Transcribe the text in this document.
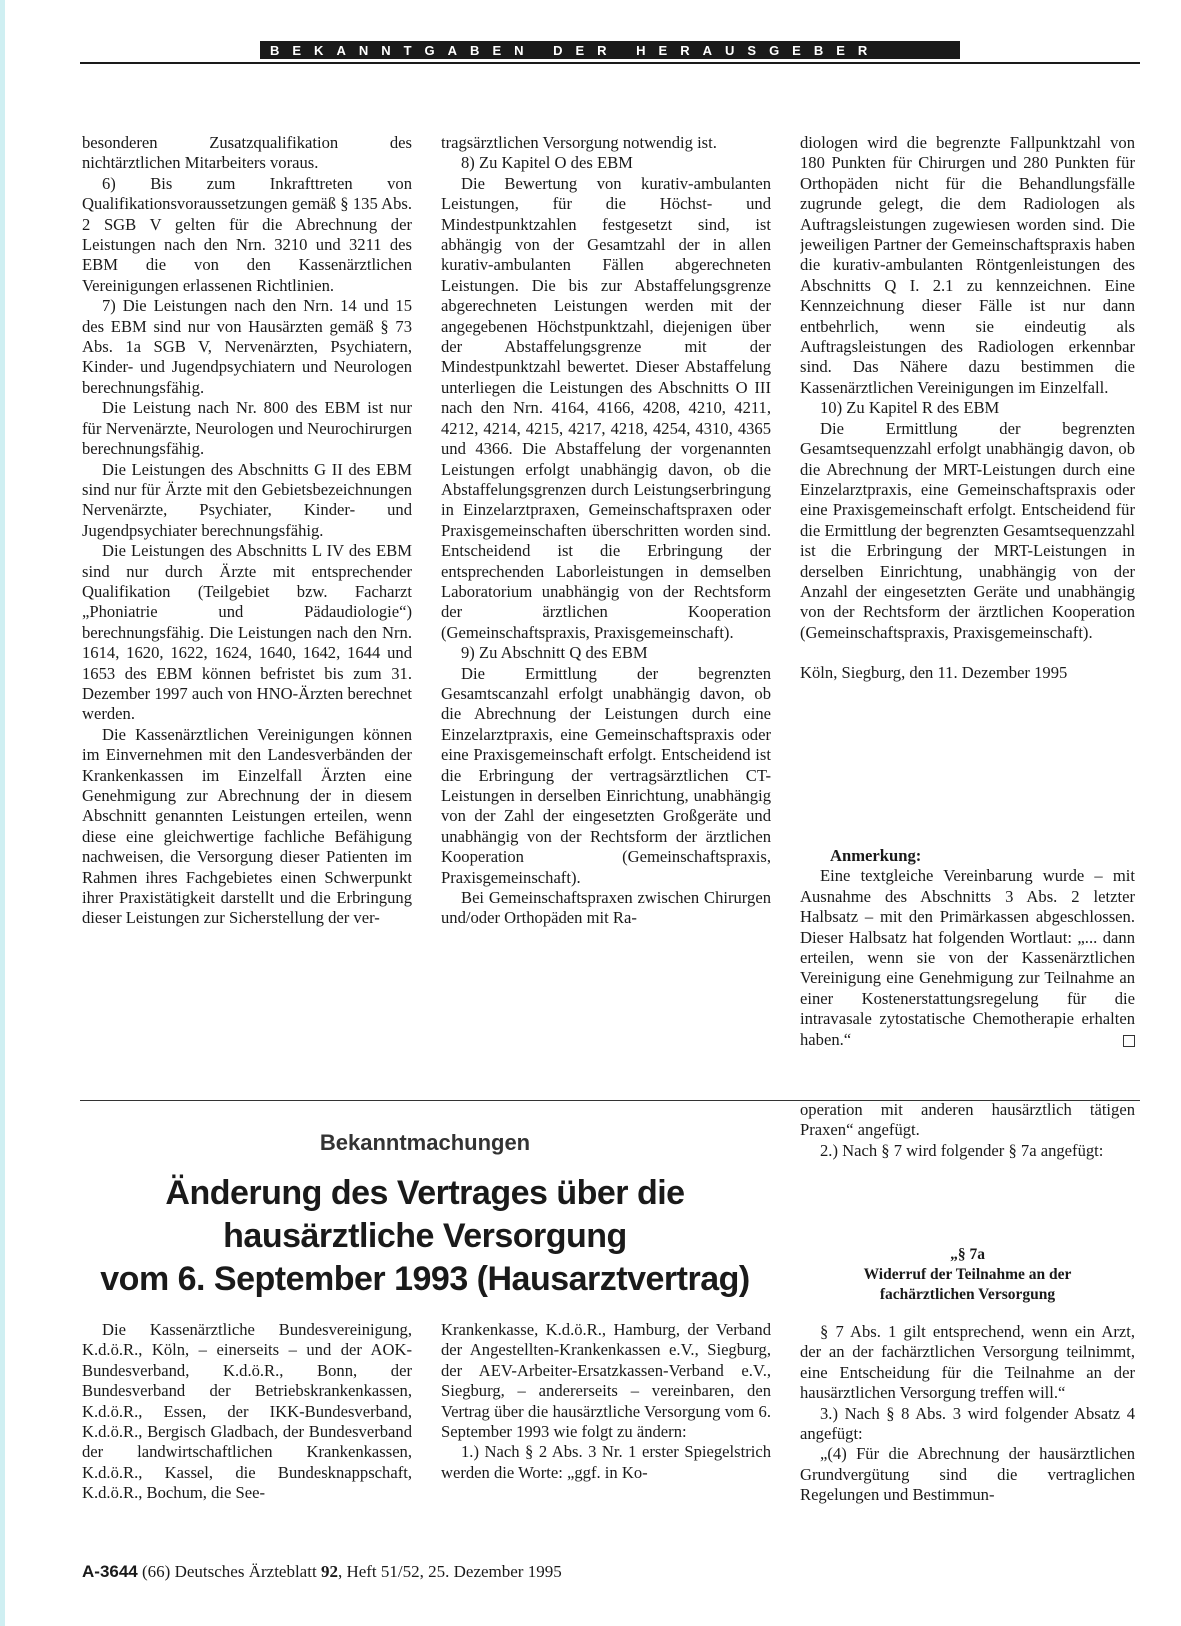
BEKANNTGABEN DER HERAUSGEBER

besonderen Zusatzqualifikation des nichtärztlichen Mitarbeiters voraus.

6) Bis zum Inkrafttreten von Qualifikationsvoraussetzungen gemäß § 135 Abs. 2 SGB V gelten für die Abrechnung der Leistungen nach den Nrn. 3210 und 3211 des EBM die von den Kassenärztlichen Vereinigungen erlassenen Richtlinien.

7) Die Leistungen nach den Nrn. 14 und 15 des EBM sind nur von Hausärzten gemäß § 73 Abs. 1a SGB V, Nervenärzten, Psychiatern, Kinder- und Jugendpsychiatern und Neurologen berechnungsfähig.

Die Leistung nach Nr. 800 des EBM ist nur für Nervenärzte, Neurologen und Neurochirurgen berechnungsfähig.

Die Leistungen des Abschnitts G II des EBM sind nur für Ärzte mit den Gebietsbezeichnungen Nervenärzte, Psychiater, Kinder- und Jugendpsychiater berechnungsfähig.

Die Leistungen des Abschnitts L IV des EBM sind nur durch Ärzte mit entsprechender Qualifikation (Teilgebiet bzw. Facharzt „Phoniatrie und Pädaudiologie“) berechnungsfähig. Die Leistungen nach den Nrn. 1614, 1620, 1622, 1624, 1640, 1642, 1644 und 1653 des EBM können befristet bis zum 31. Dezember 1997 auch von HNO-Ärzten berechnet werden.

Die Kassenärztlichen Vereinigungen können im Einvernehmen mit den Landesverbänden der Krankenkassen im Einzelfall Ärzten eine Genehmigung zur Abrechnung der in diesem Abschnitt genannten Leistungen erteilen, wenn diese eine gleichwertige fachliche Befähigung nachweisen, die Versorgung dieser Patienten im Rahmen ihres Fachgebietes einen Schwerpunkt ihrer Praxistätigkeit darstellt und die Erbringung dieser Leistungen zur Sicherstellung der ver-

tragsärztlichen Versorgung notwendig ist.

8) Zu Kapitel O des EBM

Die Bewertung von kurativ-ambulanten Leistungen, für die Höchst- und Mindestpunktzahlen festgesetzt sind, ist abhängig von der Gesamtzahl der in allen kurativ-ambulanten Fällen abgerechneten Leistungen. Die bis zur Abstaffelungsgrenze abgerechneten Leistungen werden mit der angegebenen Höchstpunktzahl, diejenigen über der Abstaffelungsgrenze mit der Mindestpunktzahl bewertet. Dieser Abstaffelung unterliegen die Leistungen des Abschnitts O III nach den Nrn. 4164, 4166, 4208, 4210, 4211, 4212, 4214, 4215, 4217, 4218, 4254, 4310, 4365 und 4366. Die Abstaffelung der vorgenannten Leistungen erfolgt unabhängig davon, ob die Abstaffelungsgrenzen durch Leistungserbringung in Einzelarztpraxen, Gemeinschaftspraxen oder Praxisgemeinschaften überschritten worden sind. Entscheidend ist die Erbringung der entsprechenden Laborleistungen in demselben Laboratorium unabhängig von der Rechtsform der ärztlichen Kooperation (Gemeinschaftspraxis, Praxisgemeinschaft).

9) Zu Abschnitt Q des EBM

Die Ermittlung der begrenzten Gesamtscanzahl erfolgt unabhängig davon, ob die Abrechnung der Leistungen durch eine Einzelarztpraxis, eine Gemeinschaftspraxis oder eine Praxisgemeinschaft erfolgt. Entscheidend ist die Erbringung der vertragsärztlichen CT-Leistungen in derselben Einrichtung, unabhängig von der Zahl der eingesetzten Großgeräte und unabhängig von der Rechtsform der ärztlichen Kooperation (Gemeinschaftspraxis, Praxisgemeinschaft).

Bei Gemeinschaftspraxen zwischen Chirurgen und/oder Orthopäden mit Ra-

diologen wird die begrenzte Fallpunktzahl von 180 Punkten für Chirurgen und 280 Punkten für Orthopäden nicht für die Behandlungsfälle zugrunde gelegt, die dem Radiologen als Auftragsleistungen zugewiesen worden sind. Die jeweiligen Partner der Gemeinschaftspraxis haben die kurativ-ambulanten Röntgenleistungen des Abschnitts Q I. 2.1 zu kennzeichnen. Eine Kennzeichnung dieser Fälle ist nur dann entbehrlich, wenn sie eindeutig als Auftragsleistungen des Radiologen erkennbar sind. Das Nähere dazu bestimmen die Kassenärztlichen Vereinigungen im Einzelfall.

10) Zu Kapitel R des EBM

Die Ermittlung der begrenzten Gesamtsequenzzahl erfolgt unabhängig davon, ob die Abrechnung der MRT-Leistungen durch eine Einzelarztpraxis, eine Gemeinschaftspraxis oder eine Praxisgemeinschaft erfolgt. Entscheidend für die Ermittlung der begrenzten Gesamtsequenzzahl ist die Erbringung der MRT-Leistungen in derselben Einrichtung, unabhängig von der Anzahl der eingesetzten Geräte und unabhängig von der Rechtsform der ärztlichen Kooperation (Gemeinschaftspraxis, Praxisgemeinschaft).

Köln, Siegburg, den 11. Dezember 1995

Anmerkung:

Eine textgleiche Vereinbarung wurde – mit Ausnahme des Abschnitts 3 Abs. 2 letzter Halbsatz – mit den Primärkassen abgeschlossen. Dieser Halbsatz hat folgenden Wortlaut: „... dann erteilen, wenn sie von der Kassenärztlichen Vereinigung eine Genehmigung zur Teilnahme an einer Kostenerstattungsregelung für die intravasale zytostatische Chemotherapie erhalten haben.“

Bekanntmachungen
Änderung des Vertrages über die
hausärztliche Versorgung
vom 6. September 1993 (Hausarztvertrag)

Die Kassenärztliche Bundesvereinigung, K.d.ö.R., Köln, – einerseits – und der AOK-Bundesverband, K.d.ö.R., Bonn, der Bundesverband der Betriebskrankenkassen, K.d.ö.R., Essen, der IKK-Bundesverband, K.d.ö.R., Bergisch Gladbach, der Bundesverband der landwirtschaftlichen Krankenkassen, K.d.ö.R., Kassel, die Bundesknappschaft, K.d.ö.R., Bochum, die See-

Krankenkasse, K.d.ö.R., Hamburg, der Verband der Angestellten-Krankenkassen e.V., Siegburg, der AEV-Arbeiter-Ersatzkassen-Verband e.V., Siegburg, – andererseits – vereinbaren, den Vertrag über die hausärztliche Versorgung vom 6. September 1993 wie folgt zu ändern:

1.) Nach § 2 Abs. 3 Nr. 1 erster Spiegelstrich werden die Worte: „ggf. in Ko-

operation mit anderen hausärztlich tätigen Praxen“ angefügt.

2.) Nach § 7 wird folgender § 7a angefügt:

„§ 7a
Widerruf der Teilnahme an der
fachärztlichen Versorgung

§ 7 Abs. 1 gilt entsprechend, wenn ein Arzt, der an der fachärztlichen Versorgung teilnimmt, eine Entscheidung für die Teilnahme an der hausärztlichen Versorgung treffen will.“

3.) Nach § 8 Abs. 3 wird folgender Absatz 4 angefügt:

„(4) Für die Abrechnung der hausärztlichen Grundvergütung sind die vertraglichen Regelungen und Bestimmun-

A-3644 (66) Deutsches Ärzteblatt 92, Heft 51/52, 25. Dezember 1995
